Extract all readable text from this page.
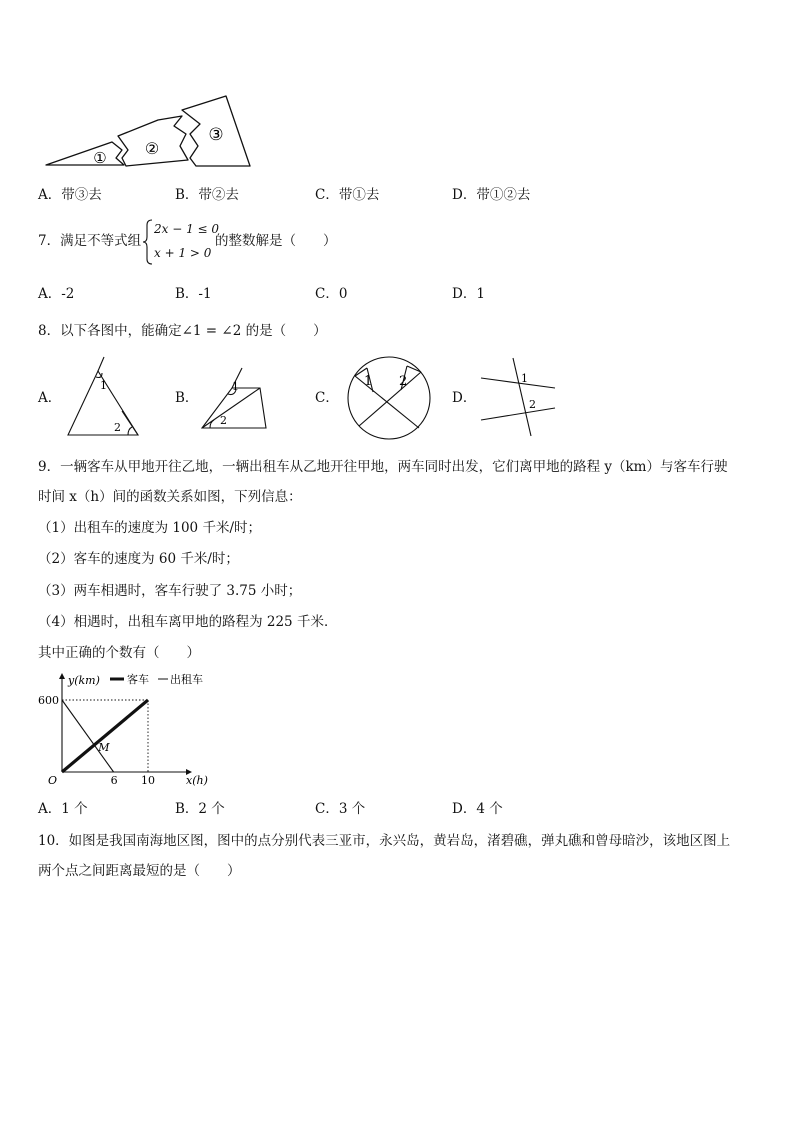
① ②
③
A．带③去	B．带②去	C．带①去	D．带①②去
7．满足不等式组
2x − 1 ≤ 0
x + 1 > 0
的整数解是（　　）
A．-2	B．-1	C．0	D．1
8．以下各图中，能确定∠1 = ∠2 的是（　　）
A．
1
2
B．
1
2
C．
1 2
D．
1
2
9．一辆客车从甲地开往乙地，一辆出租车从乙地开往甲地，两车同时出发，它们离甲地的路程 y（km）与客车行驶
时间 x（h）间的函数关系如图，下列信息：
（1）出租车的速度为 100 千米/时；
（2）客车的速度为 60 千米/时；
（3）两车相遇时，客车行驶了 3.75 小时；
（4）相遇时，出租车离甲地的路程为 225 千米．
其中正确的个数有（　　）
y(km)
x(h)
O
600
6 10
M
客车 出租车
A．1 个	B．2 个	C．3 个	D．4 个
10．如图是我国南海地区图，图中的点分别代表三亚市，永兴岛，黄岩岛，渚碧礁，弹丸礁和曾母暗沙，该地区图上
两个点之间距离最短的是（　　）
